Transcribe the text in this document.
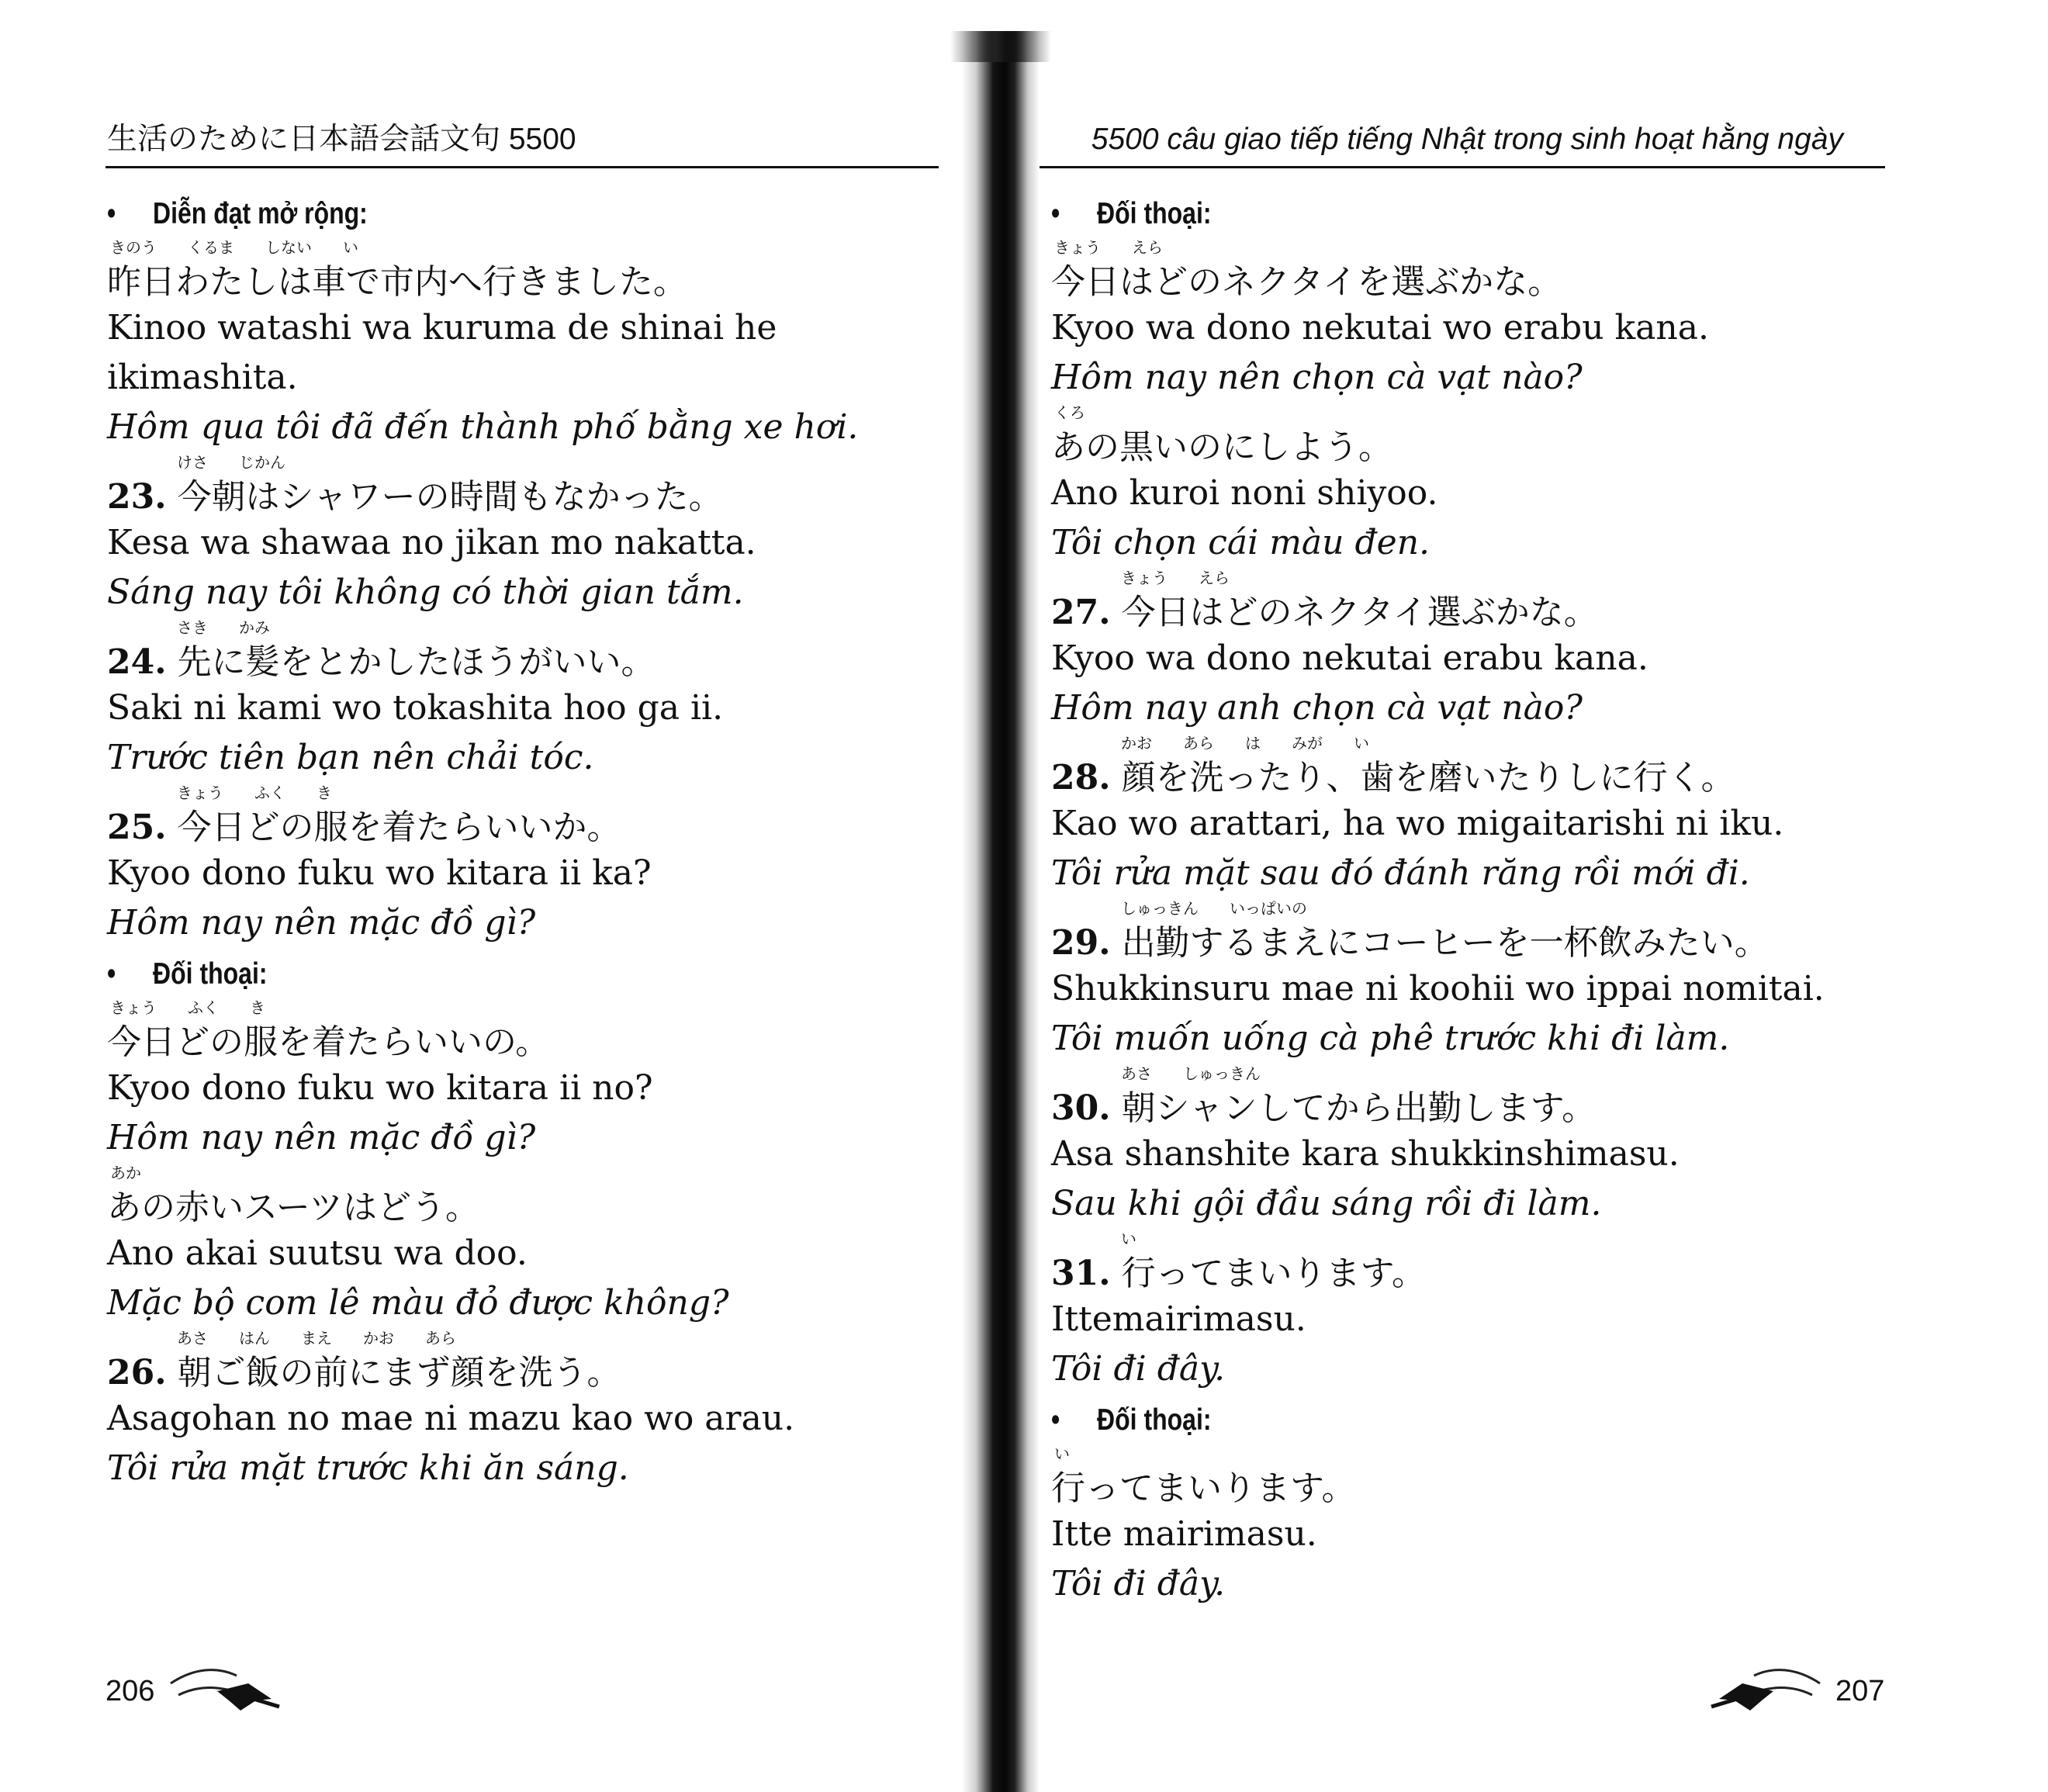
生活のために日本語会話文句 5500
• Diễn đạt mở rộng:
きのう くるま しない い
昨日わたしは車で市内へ行きました。
Kinoo watashi wa kuruma de shinai he
ikimashita.
Hôm qua tôi đã đến thành phố bằng xe hơi.
けさ じかん
23. 今朝はシャワーの時間もなかった。
Kesa wa shawaa no jikan mo nakatta.
Sáng nay tôi không có thời gian tắm.
さき かみ
24. 先に髪をとかしたほうがいい。
Saki ni kami wo tokashita hoo ga ii.
Trước tiên bạn nên chải tóc.
きょう ふく き
25. 今日どの服を着たらいいか。
Kyoo dono fuku wo kitara ii ka?
Hôm nay nên mặc đồ gì?
• Đối thoại:
きょう ふく き
今日どの服を着たらいいの。
Kyoo dono fuku wo kitara ii no?
Hôm nay nên mặc đồ gì?
あか
あの赤いスーツはどう。
Ano akai suutsu wa doo.
Mặc bộ com lê màu đỏ được không?
あさ はん まえ かお あら
26. 朝ご飯の前にまず顔を洗う。
Asagohan no mae ni mazu kao wo arau.
Tôi rửa mặt trước khi ăn sáng.
206
5500 câu giao tiếp tiếng Nhật trong sinh hoạt hằng ngày
• Đối thoại:
きょう えら
今日はどのネクタイを選ぶかな。
Kyoo wa dono nekutai wo erabu kana.
Hôm nay nên chọn cà vạt nào?
くろ
あの黒いのにしよう。
Ano kuroi noni shiyoo.
Tôi chọn cái màu đen.
きょう えら
27. 今日はどのネクタイ選ぶかな。
Kyoo wa dono nekutai erabu kana.
Hôm nay anh chọn cà vạt nào?
かお あら は みが い
28. 顔を洗ったり、歯を磨いたりしに行く。
Kao wo arattari, ha wo migaitarishi ni iku.
Tôi rửa mặt sau đó đánh răng rồi mới đi.
しゅっきん いっぱいの
29. 出勤するまえにコーヒーを一杯飲みたい。
Shukkinsuru mae ni koohii wo ippai nomitai.
Tôi muốn uống cà phê trước khi đi làm.
あさ しゅっきん
30. 朝シャンしてから出勤します。
Asa shanshite kara shukkinshimasu.
Sau khi gội đầu sáng rồi đi làm.
い
31. 行ってまいります。
Ittemairimasu.
Tôi đi đây.
• Đối thoại:
い
行ってまいります。
Itte mairimasu.
Tôi đi đây.
207
